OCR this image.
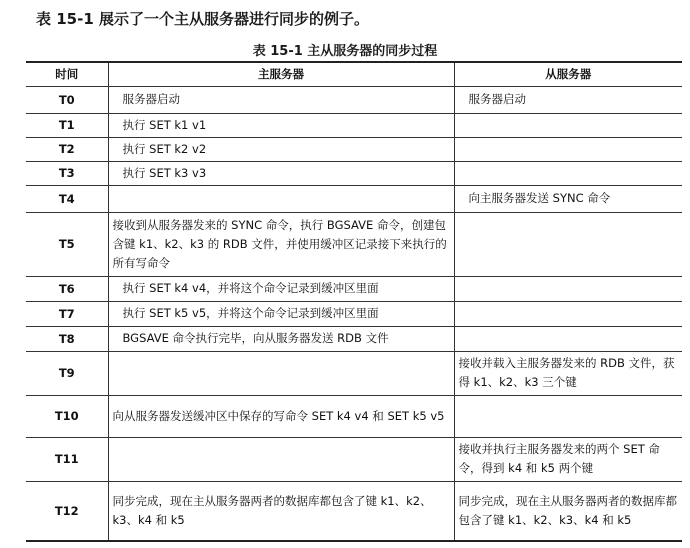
表 15-1 展示了一个主从服务器进行同步的例子。
表 15-1 主从服务器的同步过程
时间	主服务器	从服务器
T0	服务器启动	服务器启动
T1	执行 SET k1 v1	
T2	执行 SET k2 v2	
T3	执行 SET k3 v3	
T4		向主服务器发送 SYNC 命令
T5	接收到从服务器发来的 SYNC 命令，执行 BGSAVE 命令，创建包含键 k1、k2、k3 的 RDB 文件，并使用缓冲区记录接下来执行的所有写命令	
T6	执行 SET k4 v4，并将这个命令记录到缓冲区里面	
T7	执行 SET k5 v5，并将这个命令记录到缓冲区里面	
T8	BGSAVE 命令执行完毕，向从服务器发送 RDB 文件	
T9		接收并载入主服务器发来的 RDB 文件，获得 k1、k2、k3 三个键
T10	向从服务器发送缓冲区中保存的写命令 SET k4 v4 和 SET k5 v5	
T11		接收并执行主服务器发来的两个 SET 命令，得到 k4 和 k5 两个键
T12	同步完成，现在主从服务器两者的数据库都包含了键 k1、k2、k3、k4 和 k5	同步完成，现在主从服务器两者的数据库都包含了键 k1、k2、k3、k4 和 k5
